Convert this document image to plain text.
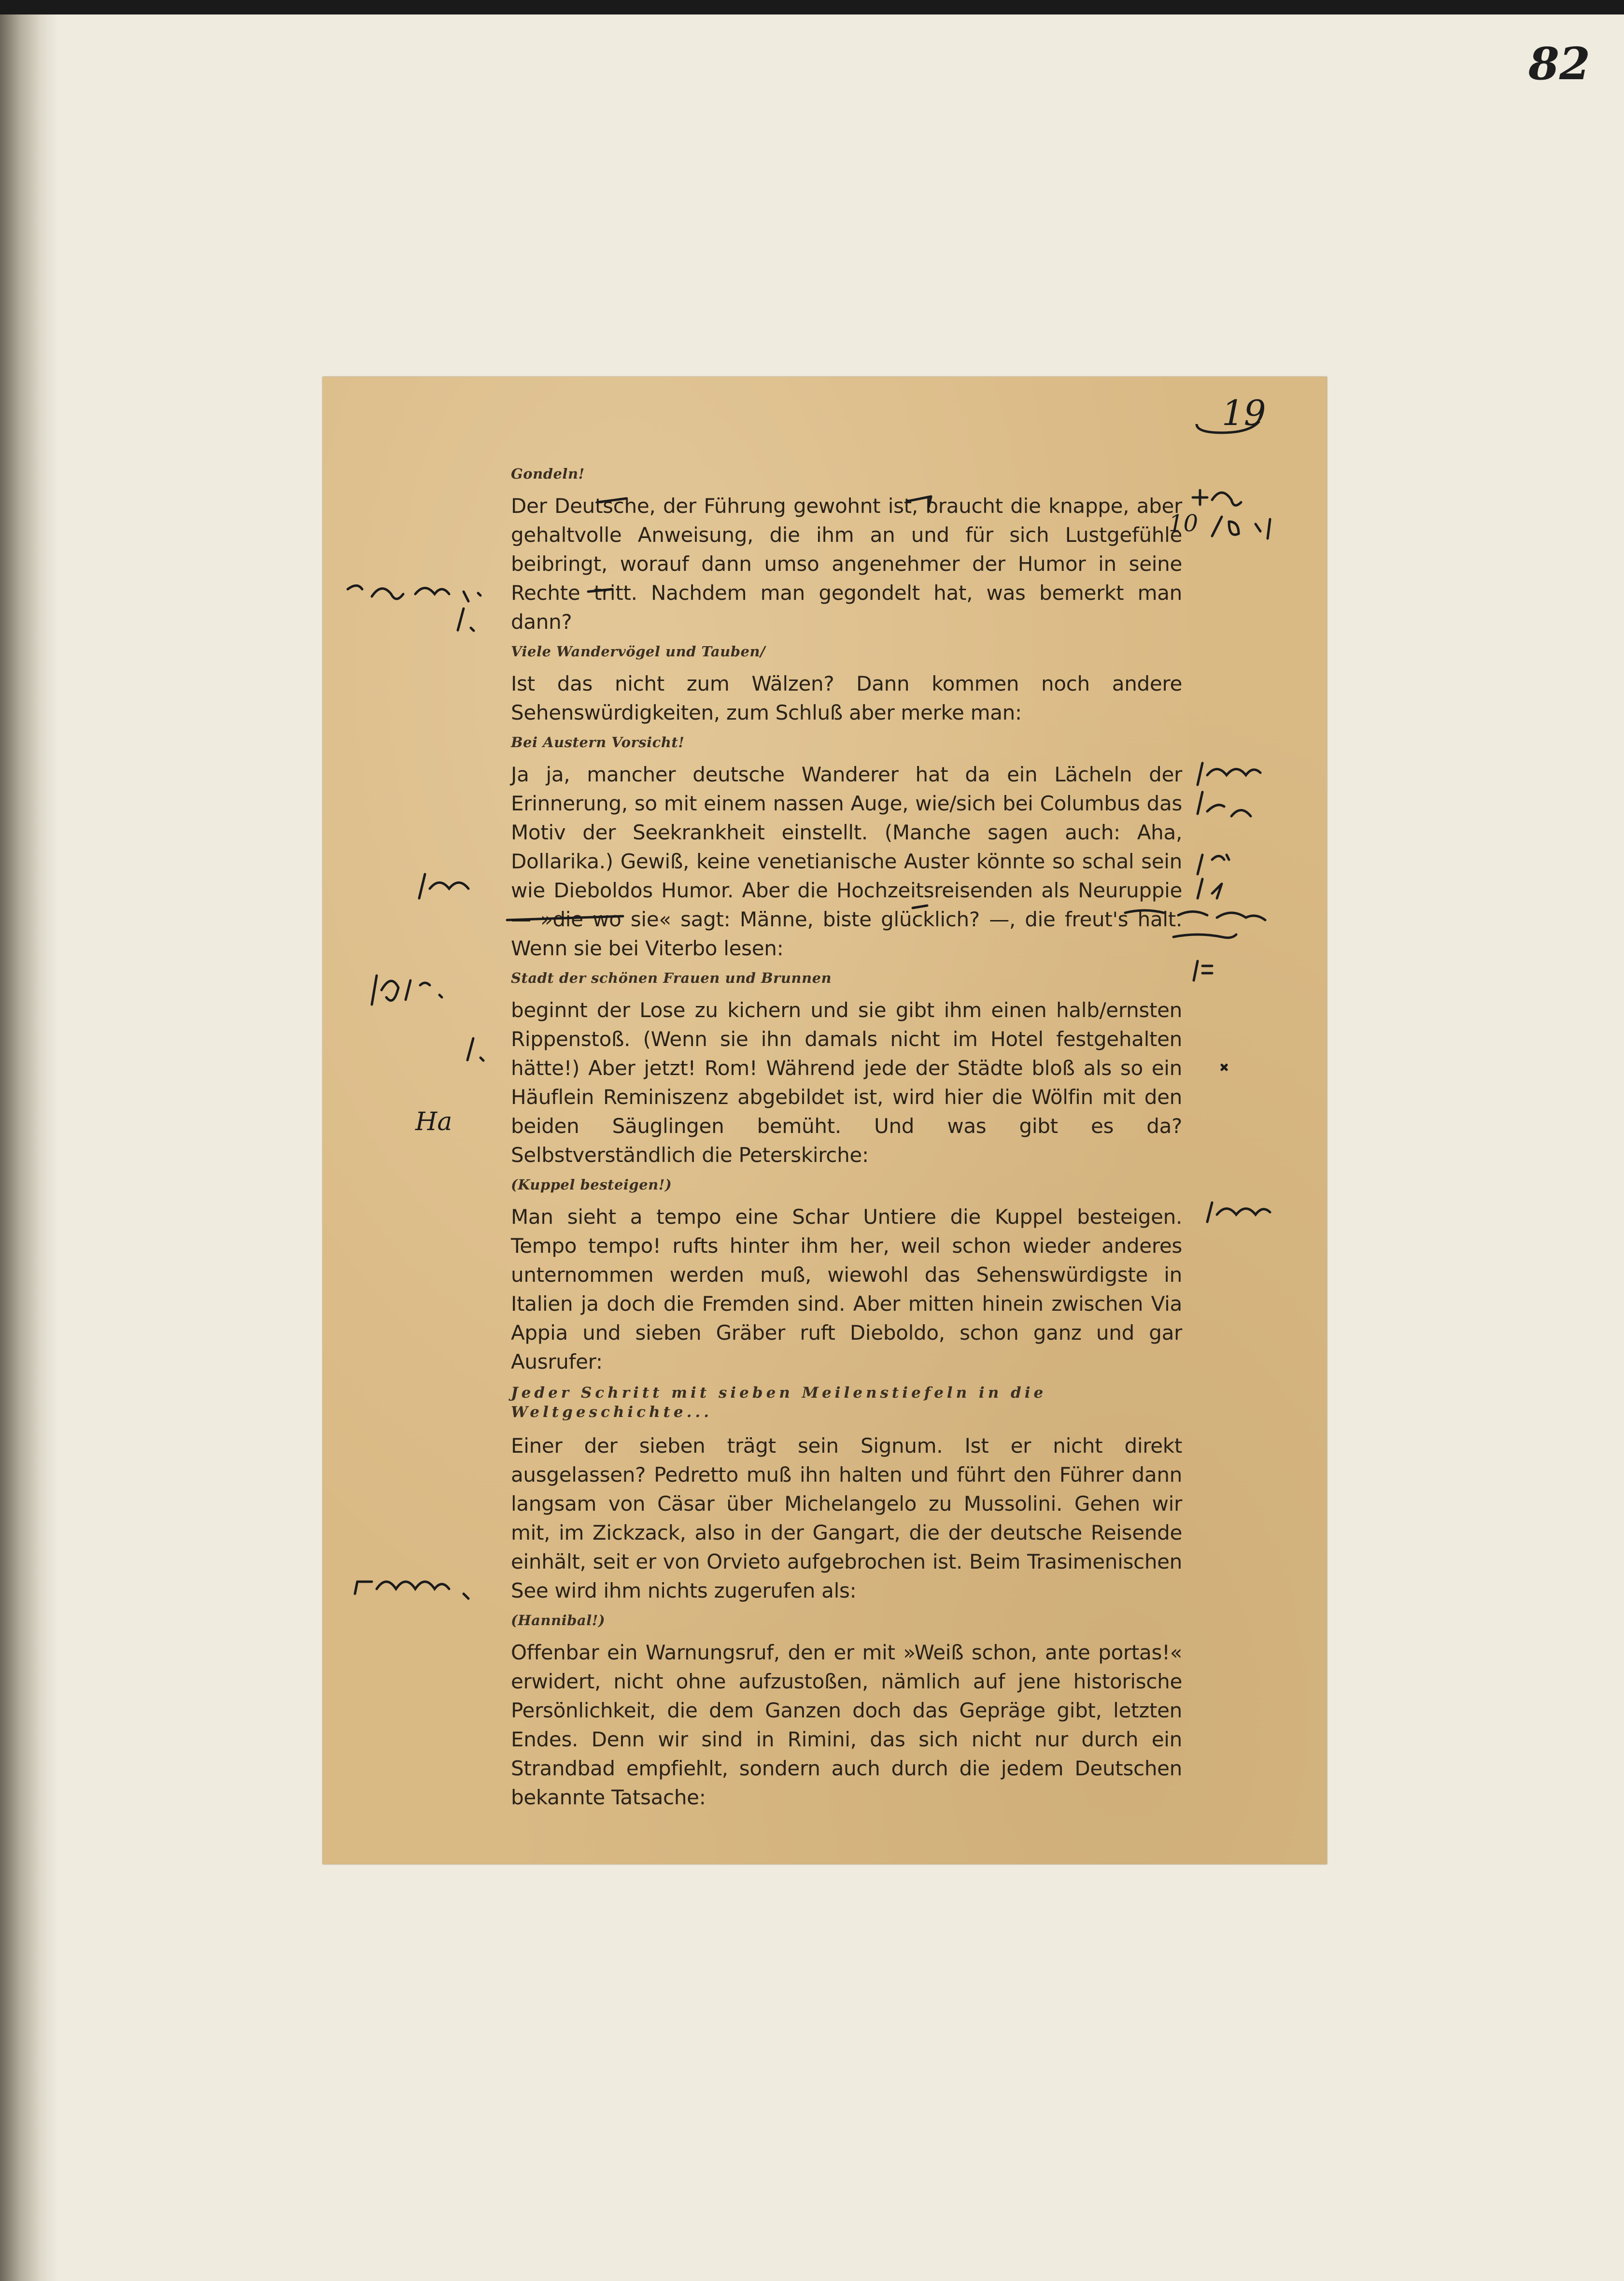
82
19
Gondeln!
Der Deutsche, der Führung gewohnt ist, braucht die knappe, aber gehaltvolle Anweisung, die ihm an und für sich Lustgefühle beibringt, worauf dann umso angenehmer der Humor in seine Rechte tritt. Nachdem man gegondelt hat, was bemerkt man dann?
Viele Wandervögel und Tauben/
Ist das nicht zum Wälzen? Dann kommen noch andere Sehenswürdigkeiten, zum Schluß aber merke man:
Bei Austern Vorsicht!
Ja ja, mancher deutsche Wanderer hat da ein Lächeln der Erinnerung, so mit einem nassen Auge, wie/sich bei Columbus das Motiv der Seekrankheit einstellt. (Manche sagen auch: Aha, Dollarika.) Gewiß, keine venetianische Auster könnte so schal sein wie Dieboldos Humor. Aber die Hochzeitsreisenden als Neuruppie — »die wo sie« sagt: Männe, biste glücklich? —, die freut's halt. Wenn sie bei Viterbo lesen:
Stadt der schönen Frauen und Brunnen
beginnt der Lose zu kichern und sie gibt ihm einen halb/ernsten Rippenstoß. (Wenn sie ihn damals nicht im Hotel festgehalten hätte!) Aber jetzt! Rom! Während jede der Städte bloß als so ein Häuflein Reminiszenz abgebildet ist, wird hier die Wölfin mit den beiden Säuglingen bemüht. Und was gibt es da? Selbstverständlich die Peterskirche:
(Kuppel besteigen!)
Man sieht a tempo eine Schar Untiere die Kuppel besteigen. Tempo tempo! rufts hinter ihm her, weil schon wieder anderes unternommen werden muß, wiewohl das Sehenswürdigste in Italien ja doch die Fremden sind. Aber mitten hinein zwischen Via Appia und sieben Gräber ruft Dieboldo, schon ganz und gar Ausrufer:
Jeder Schritt mit sieben Meilenstiefeln in die Weltgeschichte...
Einer der sieben trägt sein Signum. Ist er nicht direkt ausgelassen? Pedretto muß ihn halten und führt den Führer dann langsam von Cäsar über Michelangelo zu Mussolini. Gehen wir mit, im Zickzack, also in der Gangart, die der deutsche Reisende einhält, seit er von Orvieto aufgebrochen ist. Beim Trasimenischen See wird ihm nichts zugerufen als:
(Hannibal!)
Offenbar ein Warnungsruf, den er mit »Weiß schon, ante portas!« erwidert, nicht ohne aufzustoßen, nämlich auf jene historische Persönlichkeit, die dem Ganzen doch das Gepräge gibt, letzten Endes. Denn wir sind in Rimini, das sich nicht nur durch ein Strandbad empfiehlt, sondern auch durch die jedem Deutschen bekannte Tatsache:
Ha
10
